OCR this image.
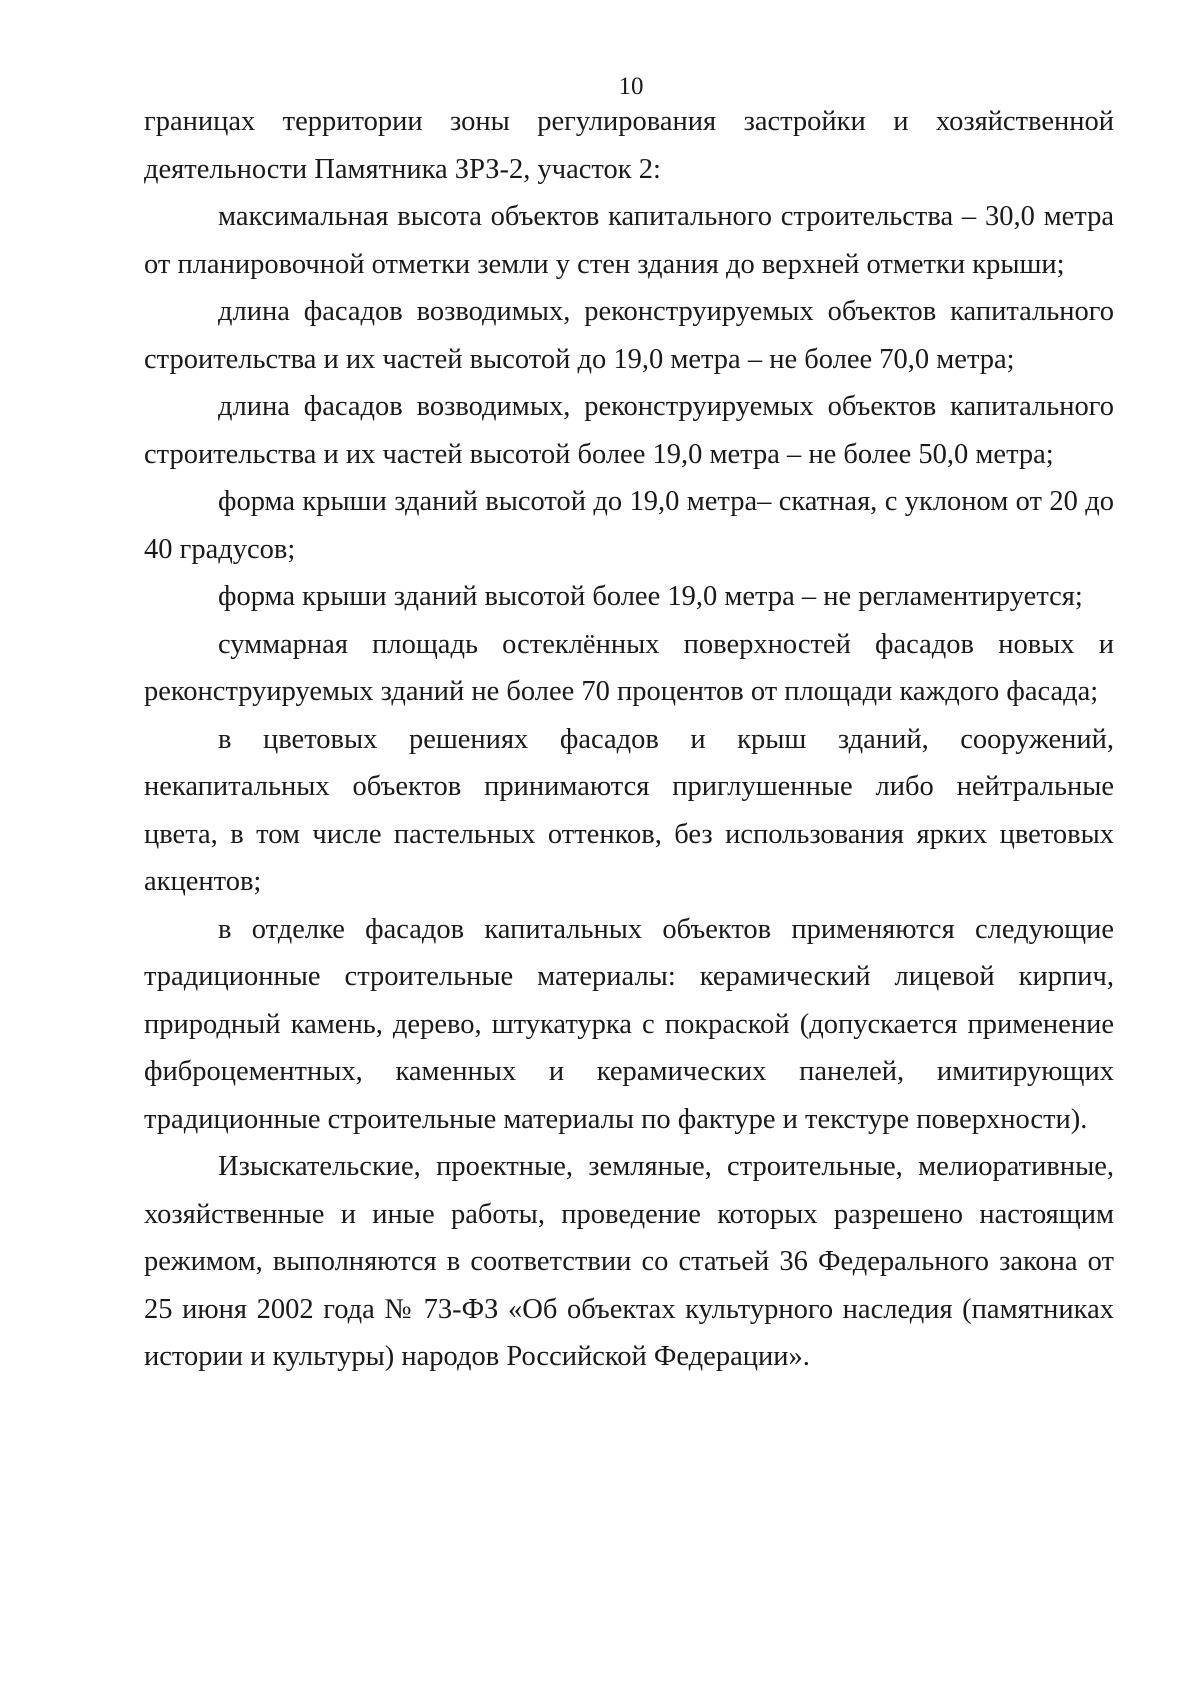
10

границах территории зоны регулирования застройки и хозяйственной деятельности Памятника ЗРЗ-2, участок 2:

максимальная высота объектов капитального строительства – 30,0 метра от планировочной отметки земли у стен здания до верхней отметки крыши;

длина фасадов возводимых, реконструируемых объектов капитального строительства и их частей высотой до 19,0 метра – не более 70,0 метра;

длина фасадов возводимых, реконструируемых объектов капитального строительства и их частей высотой более 19,0 метра – не более 50,0 метра;

форма крыши зданий высотой до 19,0 метра– скатная, с уклоном от 20 до 40 градусов;

форма крыши зданий высотой более 19,0 метра – не регламентируется;

суммарная площадь остеклённых поверхностей фасадов новых и реконструируемых зданий не более 70 процентов от площади каждого фасада;

в цветовых решениях фасадов и крыш зданий, сооружений, некапитальных объектов принимаются приглушенные либо нейтральные цвета, в том числе пастельных оттенков, без использования ярких цветовых акцентов;

в отделке фасадов капитальных объектов применяются следующие традиционные строительные материалы: керамический лицевой кирпич, природный камень, дерево, штукатурка с покраской (допускается применение фиброцементных, каменных и керамических панелей, имитирующих традиционные строительные материалы по фактуре и текстуре поверхности).

Изыскательские, проектные, земляные, строительные, мелиоративные, хозяйственные и иные работы, проведение которых разрешено настоящим режимом, выполняются в соответствии со статьей 36 Федерального закона от 25 июня 2002 года № 73-ФЗ «Об объектах культурного наследия (памятниках истории и культуры) народов Российской Федерации».
